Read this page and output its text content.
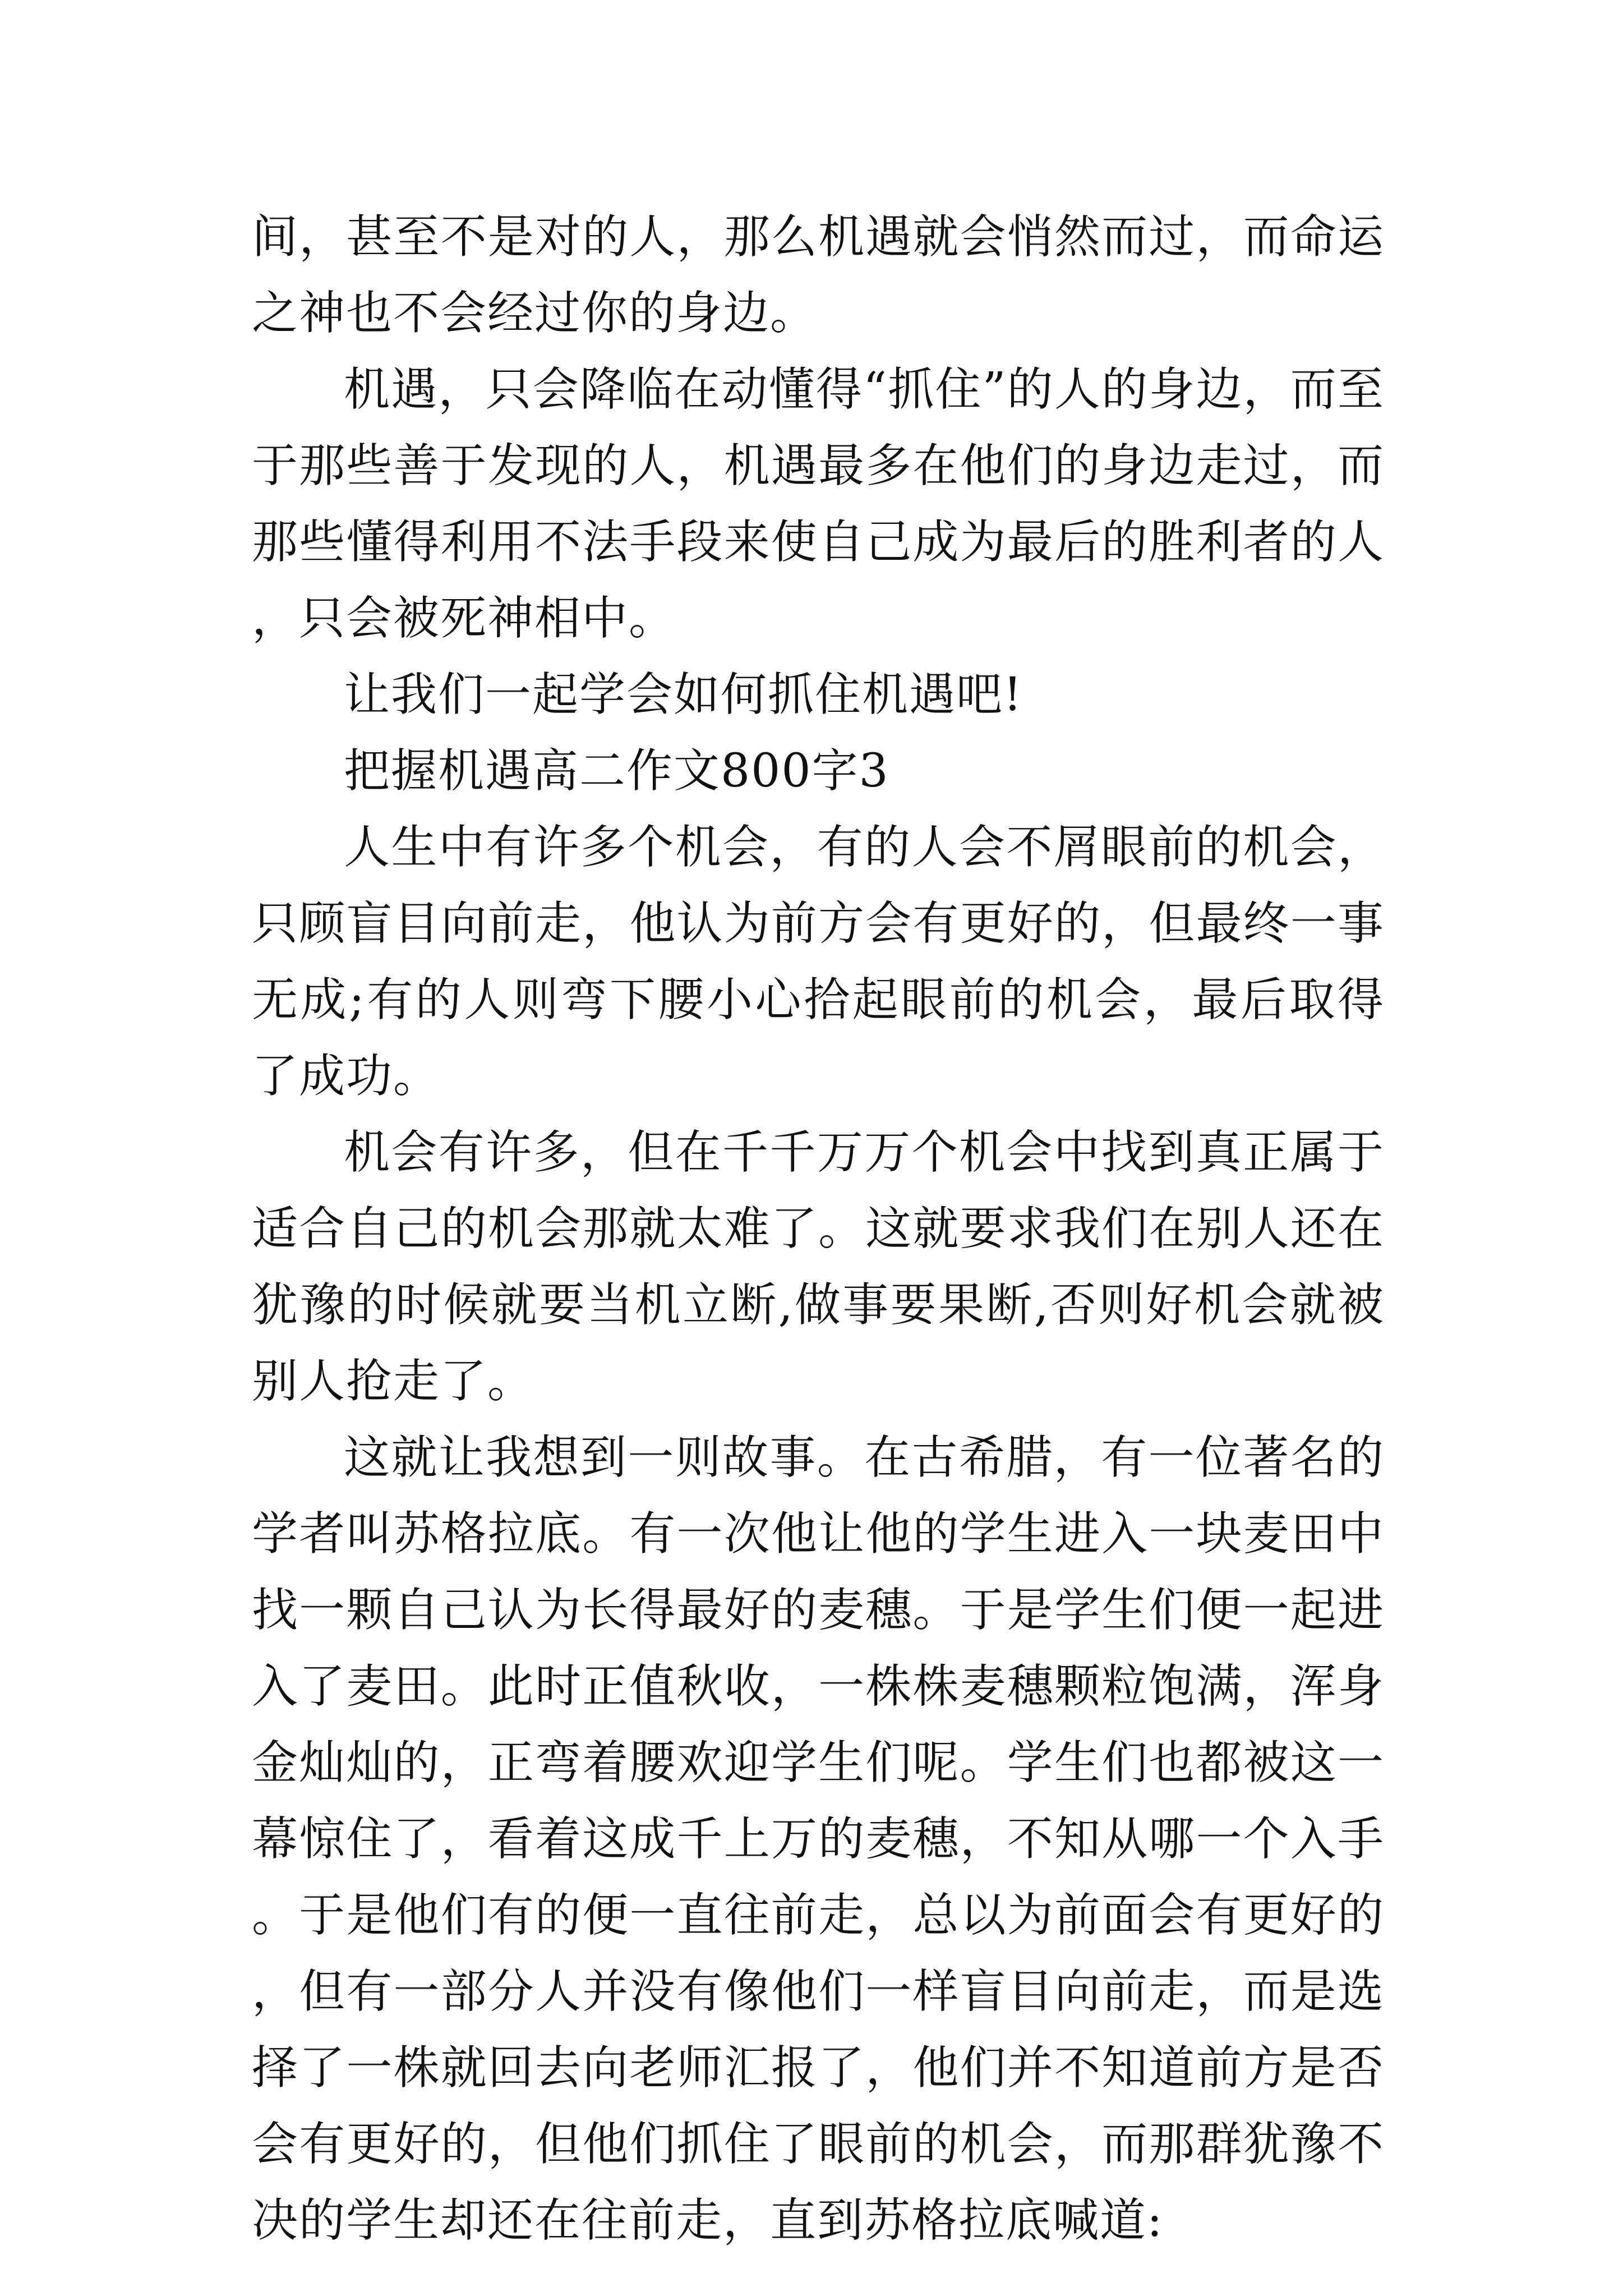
间，甚至不是对的人，那么机遇就会悄然而过，而命运之神也不会经过你的身边。

机遇，只会降临在动懂得“抓住”的人的身边，而至于那些善于发现的人，机遇最多在他们的身边走过，而那些懂得利用不法手段来使自己成为最后的胜利者的人，只会被死神相中。

让我们一起学会如何抓住机遇吧!

把握机遇高二作文800字3

人生中有许多个机会，有的人会不屑眼前的机会，只顾盲目向前走，他认为前方会有更好的，但最终一事无成;有的人则弯下腰小心拾起眼前的机会，最后取得了成功。

机会有许多，但在千千万万个机会中找到真正属于适合自己的机会那就太难了。这就要求我们在别人还在犹豫的时候就要当机立断,做事要果断,否则好机会就被别人抢走了。

这就让我想到一则故事。在古希腊，有一位著名的学者叫苏格拉底。有一次他让他的学生进入一块麦田中找一颗自己认为长得最好的麦穗。于是学生们便一起进入了麦田。此时正值秋收，一株株麦穗颗粒饱满，浑身金灿灿的，正弯着腰欢迎学生们呢。学生们也都被这一幕惊住了，看着这成千上万的麦穗，不知从哪一个入手。于是他们有的便一直往前走，总以为前面会有更好的，但有一部分人并没有像他们一样盲目向前走，而是选择了一株就回去向老师汇报了，他们并不知道前方是否会有更好的，但他们抓住了眼前的机会，而那群犹豫不决的学生却还在往前走，直到苏格拉底喊道:
